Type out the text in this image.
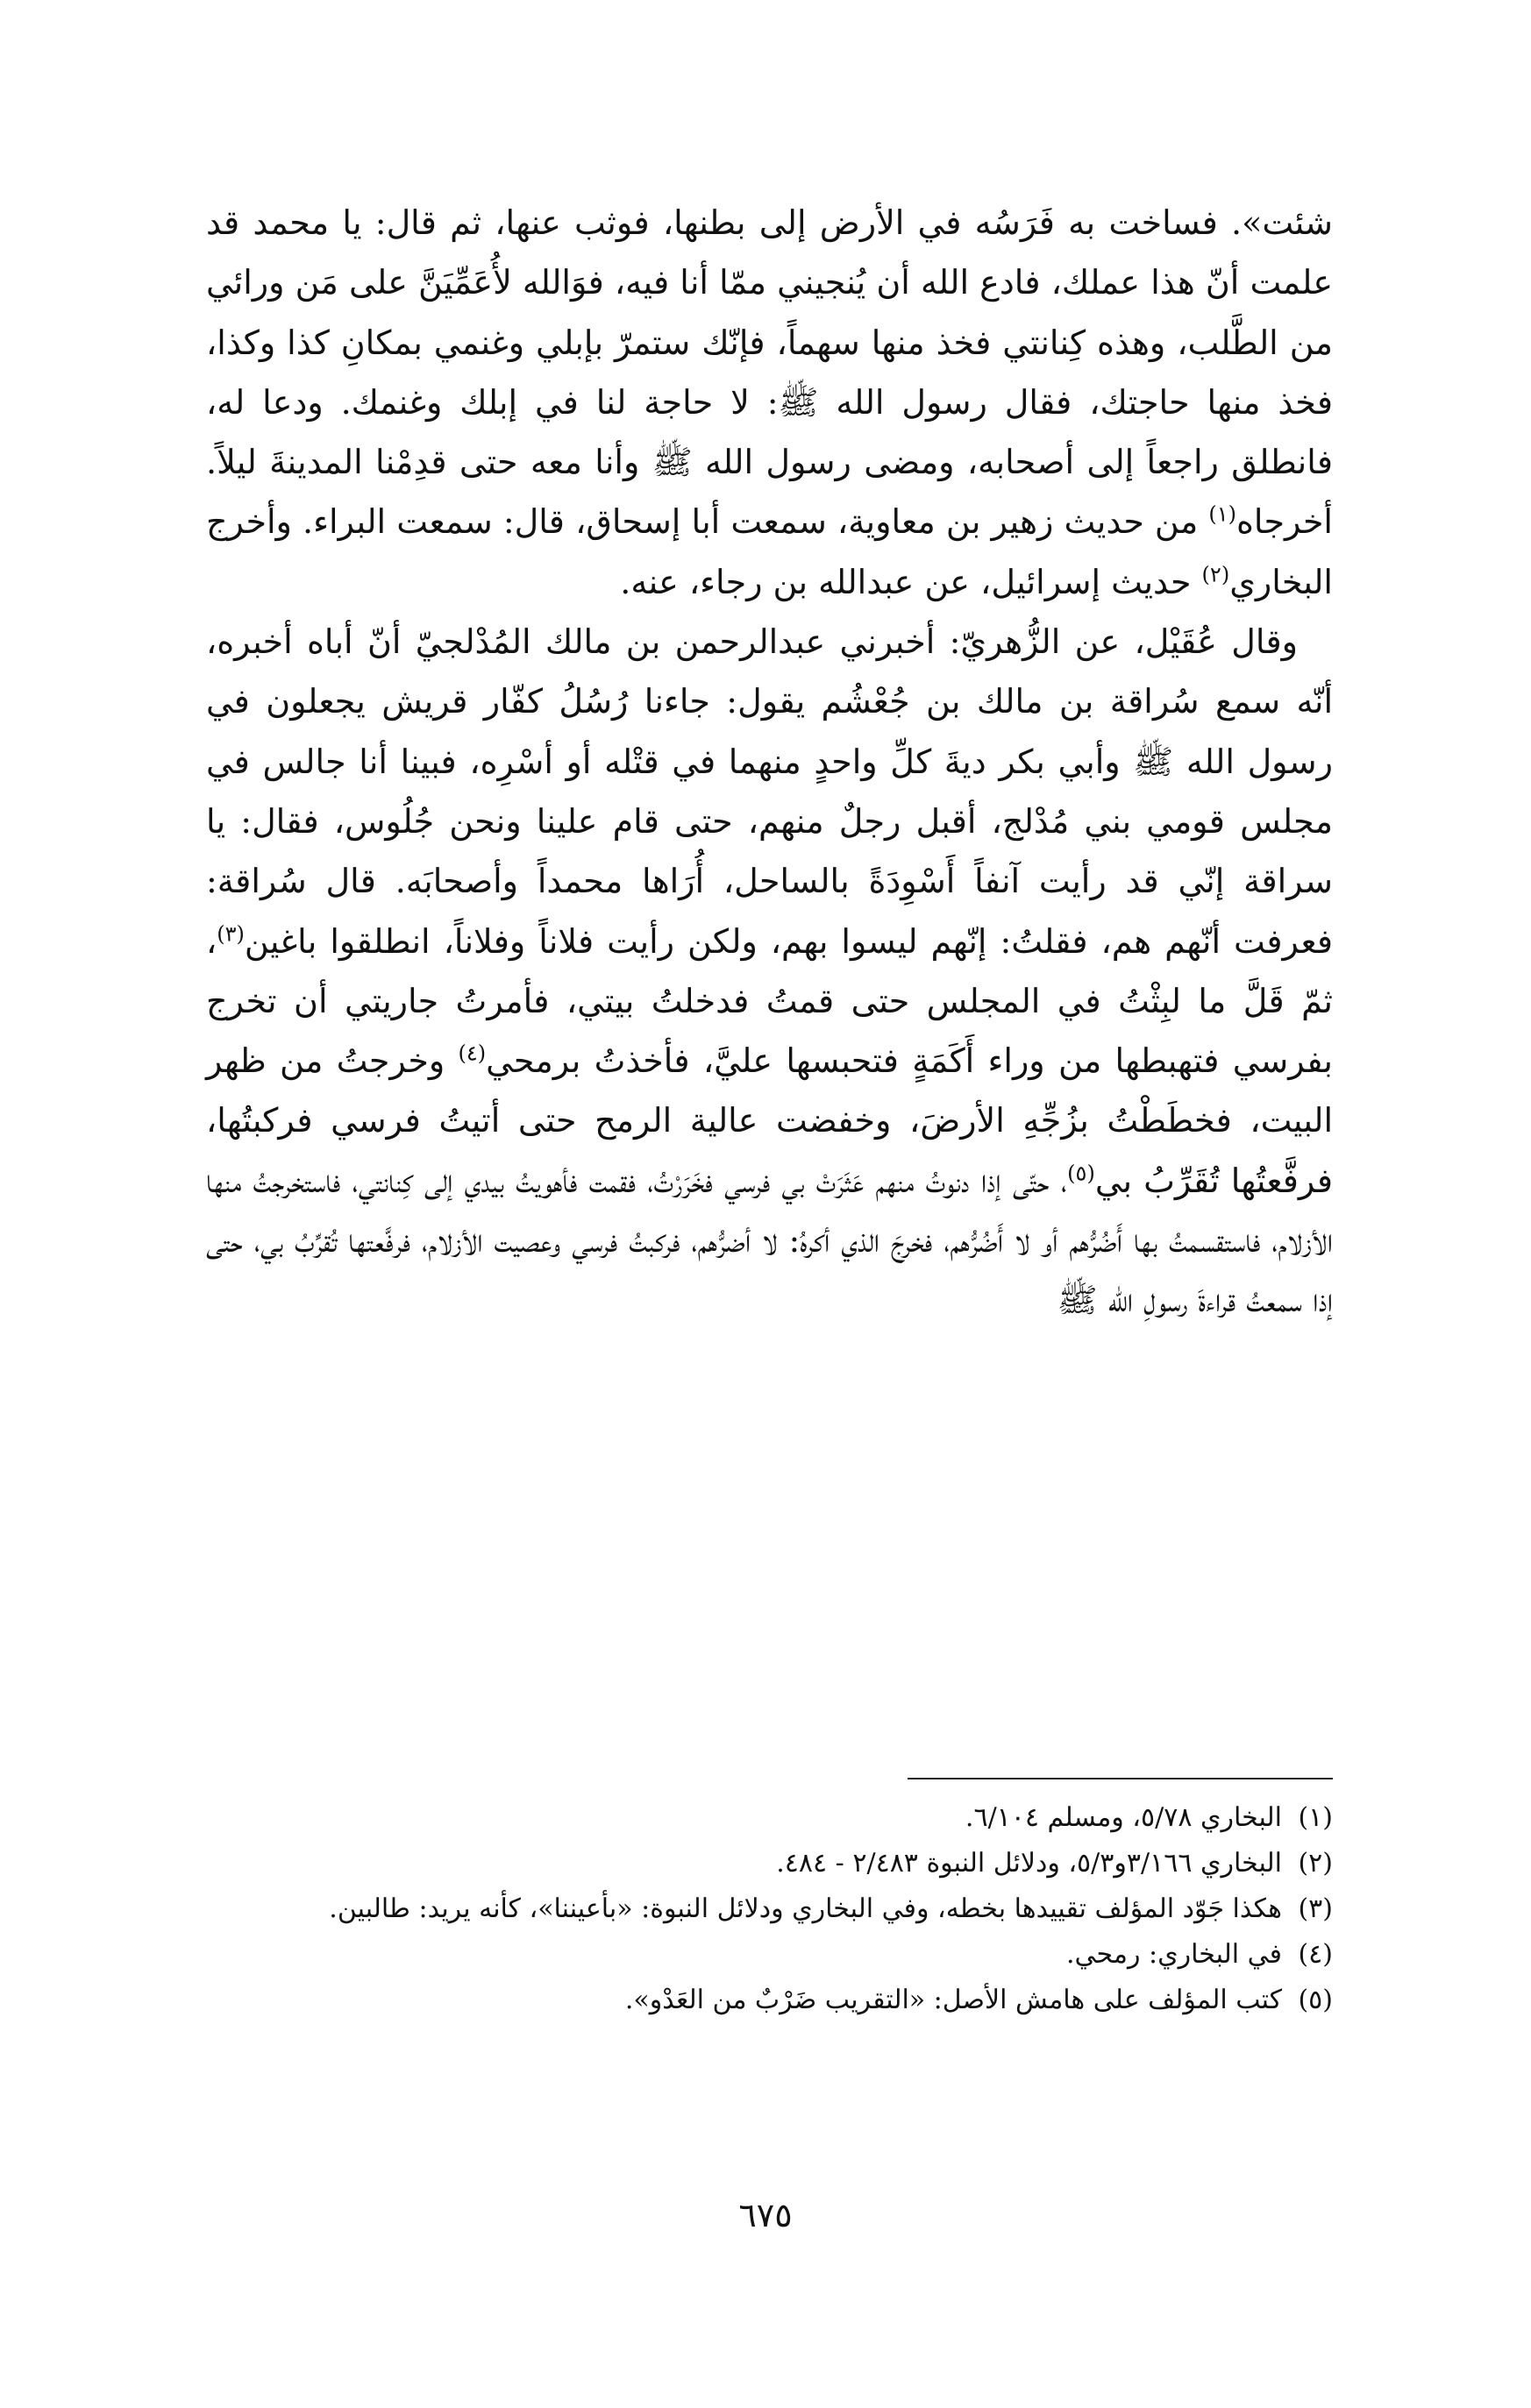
شئت». فساخت به فَرَسُه في الأرض إلى بطنها، فوثب عنها، ثم قال: يا محمد قد علمت أنّ هذا عملك، فادع الله أن يُنجيني ممّا أنا فيه، فوَالله لأُعَمِّيَنَّ على مَن ورائي من الطَّلب، وهذه كِنانتي فخذ منها سهماً، فإنّك ستمرّ بإبلي وغنمي بمكانِ كذا وكذا، فخذ منها حاجتك، فقال رسول الله ﷺ: لا حاجة لنا في إبلك وغنمك. ودعا له، فانطلق راجعاً إلى أصحابه، ومضى رسول الله ﷺ وأنا معه حتى قدِمْنا المدينةَ ليلاً. أخرجاه$^{(١)}$ من حديث زهير بن معاوية، سمعت أبا إسحاق، قال: سمعت البراء. وأخرج البخاري$^{(٢)}$ حديث إسرائيل، عن عبدالله بن رجاء، عنه.

وقال عُقَيْل، عن الزُّهريّ: أخبرني عبدالرحمن بن مالك المُدْلجيّ أنّ أباه أخبره، أنّه سمع سُراقة بن مالك بن جُعْشُم يقول: جاءنا رُسُلُ كفّار قريش يجعلون في رسول الله ﷺ وأبي بكر ديةَ كلِّ واحدٍ منهما في قتْله أو أسْرِه، فبينا أنا جالس في مجلس قومي بني مُدْلج، أقبل رجلٌ منهم، حتى قام علينا ونحن جُلُوس، فقال: يا سراقة إنّي قد رأيت آنفاً أَسْوِدَةً بالساحل، أُرَاها محمداً وأصحابَه. قال سُراقة: فعرفت أنّهم هم، فقلتُ: إنّهم ليسوا بهم، ولكن رأيت فلاناً وفلاناً، انطلقوا باغين$^{(٣)}$، ثمّ قَلَّ ما لبِثْتُ في المجلس حتى قمتُ فدخلتُ بيتي، فأمرتُ جاريتي أن تخرج بفرسي فتهبطها من وراء أَكَمَةٍ فتحبسها عليَّ، فأخذتُ برمحي$^{(٤)}$ وخرجتُ من ظهر البيت، فخطَطْتُ بزُجِّهِ الأرضَ، وخفضت عالية الرمح حتى أتيتُ فرسي فركبتُها، فرفَّعتُها تُقَرِّبُ بي$^{(٥)}$، حتّى إذا دنوتُ منهم عَثَرَتْ بي فرسي فخَرَرْتُ، فقمت فأهويتُ بيدي إلى كِنانتي، فاستخرجتُ منها الأزلام، فاستقسمتُ بها أَضُرُّهم أو لا أَضُرُّهم، فخرجَ الذي أكرهُ: لا أضرُّهم، فركبتُ فرسي وعصيت الأزلام، فرفَّعتها تُقرِّبُ بي، حتى إذا سمعتُ قراءةَ رسولِ الله ﷺ

(١)
البخاري ٥/٧٨، ومسلم ٦/١٠٤.
(٢)
البخاري ٣/١٦٦و٥/٣، ودلائل النبوة ٢/٤٨٣ - ٤٨٤.
(٣)
هكذا جَوّد المؤلف تقييدها بخطه، وفي البخاري ودلائل النبوة: «بأعيننا»، كأنه يريد: طالبين.
(٤)
في البخاري: رمحي.
(٥)
كتب المؤلف على هامش الأصل: «التقريب ضَرْبٌ من العَدْو».
٦٧٥
